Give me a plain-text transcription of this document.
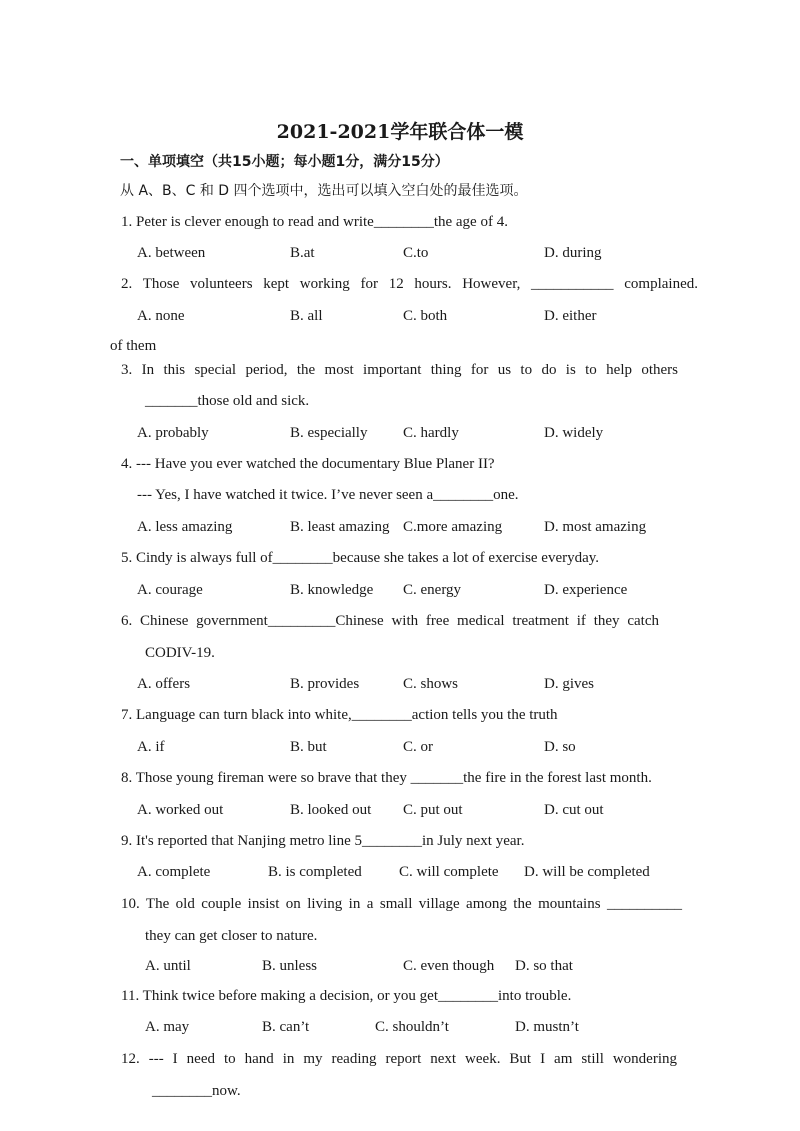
2021-2021学年联合体一模
一、单项填空（共15小题；每小题1分，满分15分）
从 A、B、C 和 D 四个选项中，选出可以填入空白处的最佳选项。
1. Peter is clever enough to read and write________the age of 4.
A. between	B.at	C.to	D. during
2. Those volunteers kept working for 12 hours. However, ___________ complained.
A. none	B. all	C. both	D. either
of them
3. In this special period, the most important thing for us to do is to help others
_______those old and sick.
A. probably	B. especially C. hardly	D. widely
4. --- Have you ever watched the documentary Blue Planer II?
--- Yes, I have watched it twice. I’ve never seen a________one.
A. less amazing	B. least amazing C.more amazing	D. most amazing
5. Cindy is always full of________because she takes a lot of exercise everyday.
A. courage	B. knowledge C. energy	D. experience
6. Chinese government_________Chinese with free medical treatment if they catch
CODIV-19.
A. offers	B. provides	C. shows	D. gives
7. Language can turn black into white,________action tells you the truth
A. if	B. but	C. or	D. so
8. Those young fireman were so brave that they _______the fire in the forest last month.
A. worked out	B. looked out C. put out	D. cut out
9. It's reported that Nanjing metro line 5________in July next year.
A. complete	B. is completed C. will complete D. will be completed
10. The old couple insist on living in a small village among the mountains __________
they can get closer to nature.
A. until	B. unless	C. even though D. so that
11. Think twice before making a decision, or you get________into trouble.
A. may	B. can’t	C. shouldn’t	D. mustn’t
12. --- I need to hand in my reading report next week. But I am still wondering
________now.
